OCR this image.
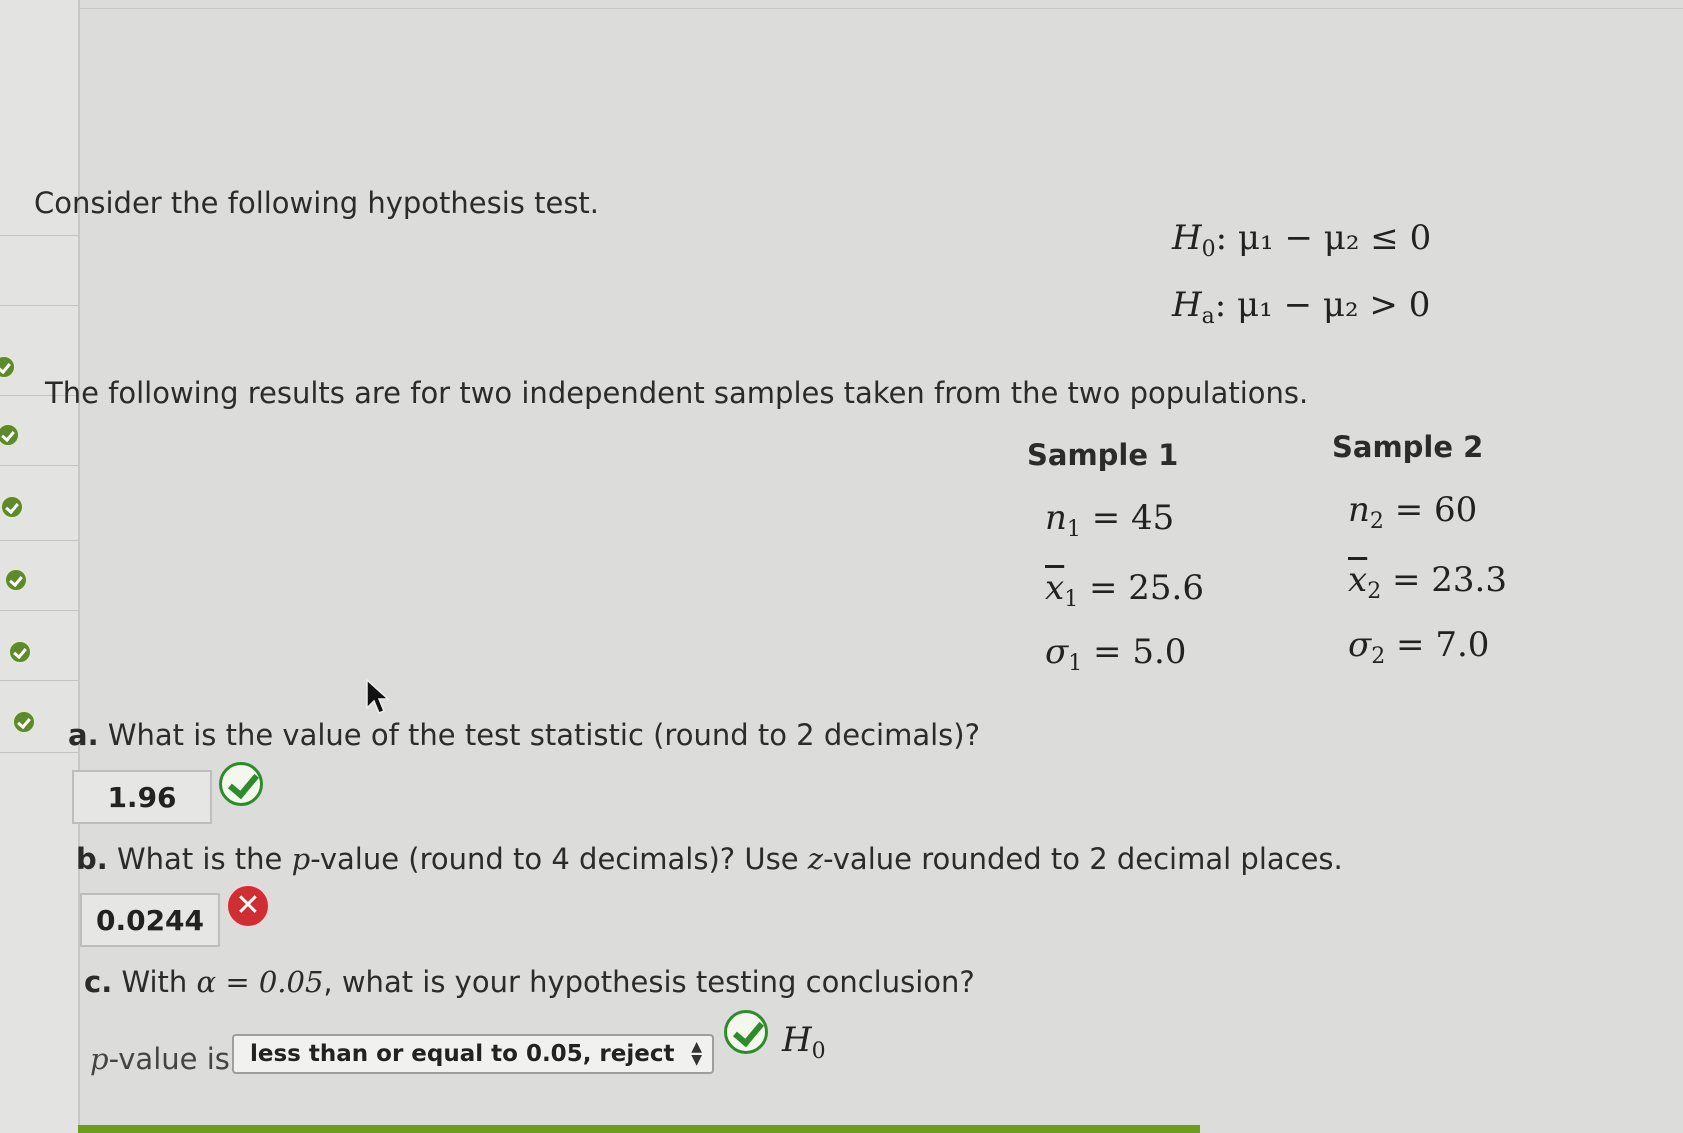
Consider the following hypothesis test.
$H_0$: μ₁ − μ₂ ≤ 0
$H_a$: μ₁ − μ₂ > 0
The following results are for two independent samples taken from the two populations.
Sample 1	Sample 2
$n_1 = 45$	$n_2 = 60$
$\overline{x}_1 = 25.6$	$\overline{x}_2 = 23.3$
$\sigma_1 = 5.0$	$\sigma_2 = 7.0$
a. What is the value of the test statistic (round to 2 decimals)?
1.96
b. What is the p-value (round to 4 decimals)? Use z-value rounded to 2 decimal places.
0.0244	✕
c. With α = 0.05, what is your hypothesis testing conclusion?
p-value is less than or equal to 0.05, reject ▲
▼ $H_0$
